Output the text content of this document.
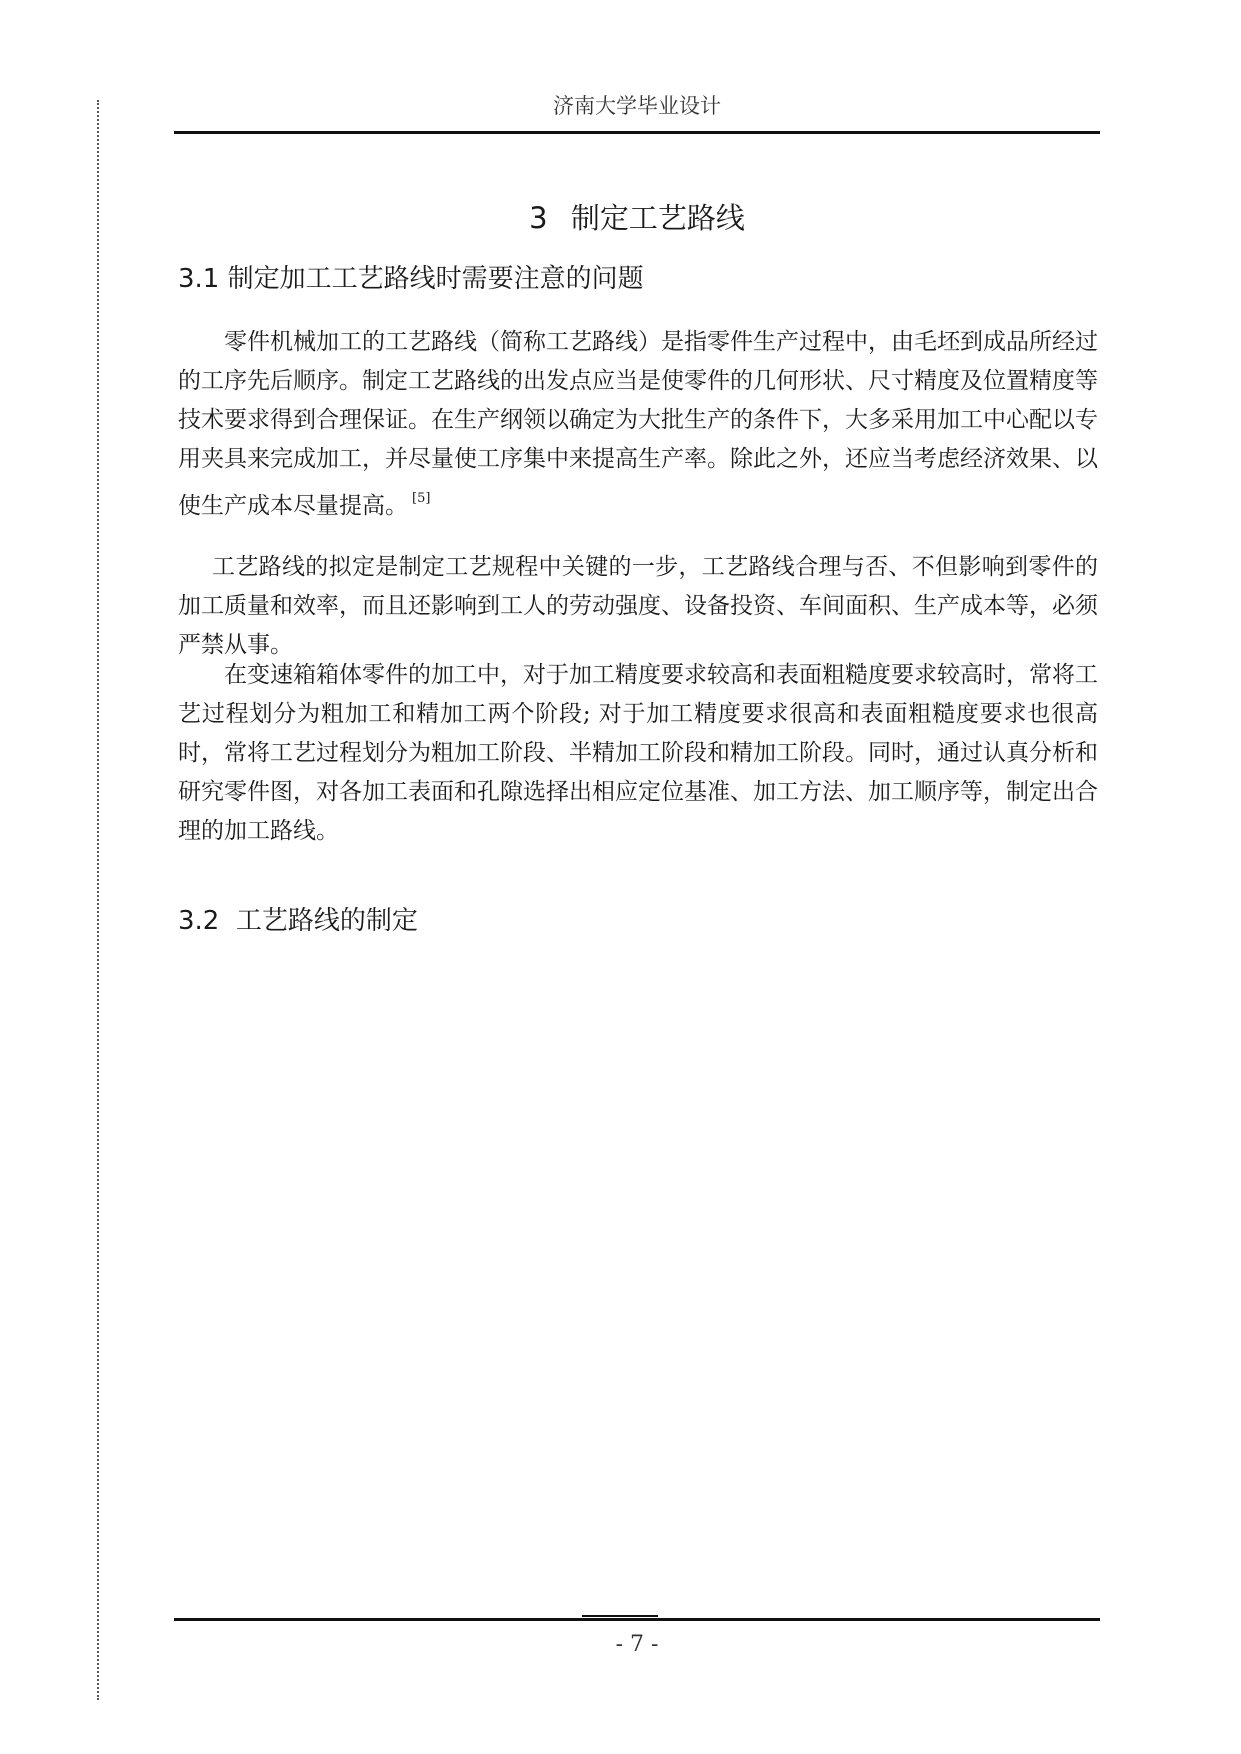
济南大学毕业设计
3 制定工艺路线
3.1 制定加工工艺路线时需要注意的问题

零件机械加工的工艺路线（简称工艺路线）是指零件生产过程中，由毛坯到成品所经过的工序先后顺序。制定工艺路线的出发点应当是使零件的几何形状、尺寸精度及位置精度等技术要求得到合理保证。在生产纲领以确定为大批生产的条件下，大多采用加工中心配以专用夹具来完成加工，并尽量使工序集中来提高生产率。除此之外，还应当考虑经济效果、以使生产成本尽量提高。 [5]

工艺路线的拟定是制定工艺规程中关键的一步，工艺路线合理与否、不但影响到零件的加工质量和效率，而且还影响到工人的劳动强度、设备投资、车间面积、生产成本等，必须严禁从事。

在变速箱箱体零件的加工中，对于加工精度要求较高和表面粗糙度要求较高时，常将工艺过程划分为粗加工和精加工两个阶段; 对于加工精度要求很高和表面粗糙度要求也很高时，常将工艺过程划分为粗加工阶段、半精加工阶段和精加工阶段。同时，通过认真分析和研究零件图，对各加工表面和孔隙选择出相应定位基准、加工方法、加工顺序等，制定出合理的加工路线。

3.2  工艺路线的制定
- 7 -
